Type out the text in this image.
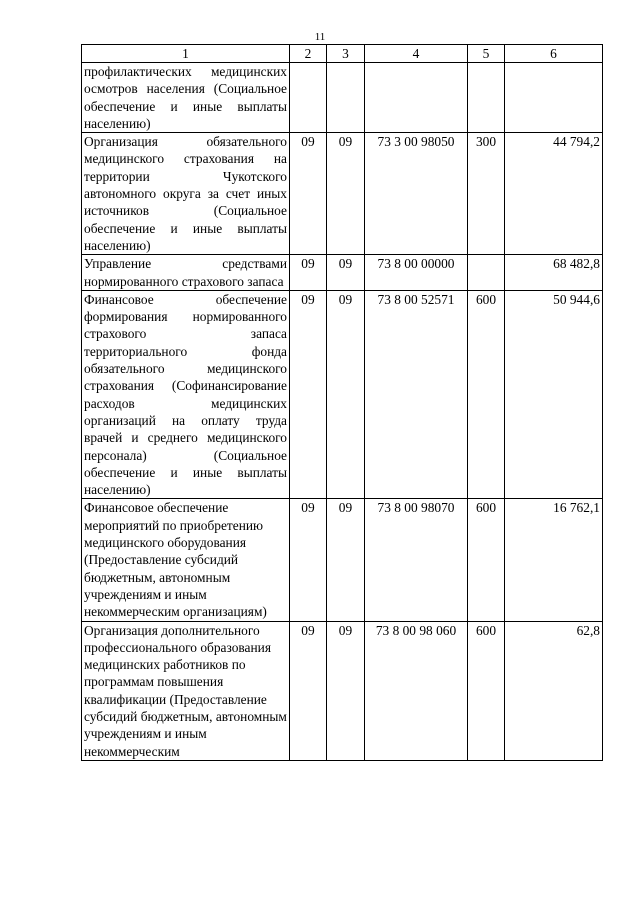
11
1	2	3	4	5	6
профилактических медицинских осмотров населения (Социальное обеспечение и иные выплаты населению)					
Организация обязательного медицинского страхования на территории Чукотского автономного округа за счет иных источников (Социальное обеспечение и иные выплаты населению)	09	09	73 3 00 98050	300	44 794,2
Управление средствами нормированного страхового запаса	09	09	73 8 00 00000		68 482,8
Финансовое обеспечение формирования нормированного страхового запаса территориального фонда обязательного медицинского страхования (Софинансирование расходов медицинских организаций на оплату труда врачей и среднего медицинского персонала) (Социальное обеспечение и иные выплаты населению)	09	09	73 8 00 52571	600	50 944,6
Финансовое обеспечение мероприятий по приобретению медицинского оборудования (Предоставление субсидий бюджетным, автономным учреждениям и иным некоммерческим организациям)	09	09	73 8 00 98070	600	16 762,1
Организация дополнительного профессионального образования медицинских работников по программам повышения квалификации (Предоставление субсидий бюджетным, автономным учреждениям и иным некоммерческим	09	09	73 8 00 98 060	600	62,8
